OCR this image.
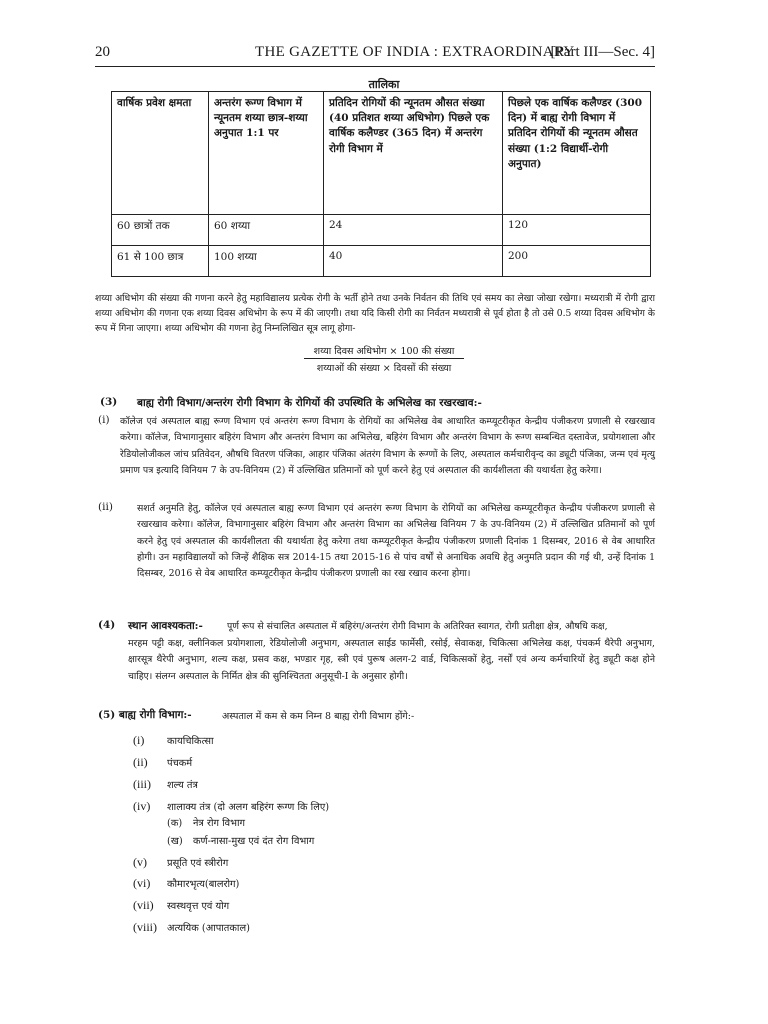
20	THE GAZETTE OF INDIA : EXTRAORDINARY
[Part III—Sec. 4]
तालिका
वार्षिक प्रवेश क्षमता	अन्तरंग रूग्ण विभाग में न्यूनतम शय्या छात्र-शय्या अनुपात 1:1 पर	प्रतिदिन रोगियों की न्यूनतम औसत संख्या (40 प्रतिशत शय्या अधिभोग) पिछले एक वार्षिक कलैण्डर (365 दिन) में अन्तरंग रोगी विभाग में	पिछले एक वार्षिक कलैण्डर (300 दिन) में बाह्य रोगी विभाग में प्रतिदिन रोगियों की न्यूनतम औसत संख्या (1:2 विद्यार्थी-रोगी अनुपात)
60 छात्रों तक	60 शय्या	24	120
61 से 100 छात्र	100 शय्या	40	200
शय्या अधिभोग की संख्या की गणना करने हेतु महाविद्यालय प्रत्येक रोगी के भर्ती होने तथा उनके निर्वतन की तिथि एवं समय का लेखा जोखा रखेगा। मध्यरात्री में रोगी द्वारा शय्या अधिभोग की गणना एक शय्या दिवस अधिभोग के रूप में की जाएगी। तथा यदि किसी रोगी का निर्वतन मध्यरात्री से पूर्व होता है तो उसे 0.5 शय्या दिवस अधिभोग के रूप में गिना जाएगा। शय्या अधिभोग की गणना हेतु निम्नलिखित सूत्र लागू होगा-
शय्या दिवस अधिभोग × 100 की संख्या
शय्याओं की संख्या × दिवसों की संख्या
(3) बाह्य रोगी विभाग/अन्तरंग रोगी विभाग के रोगियों की उपस्थिति के अभिलेख का रखरखाव:-
(i) कॉलेज एवं अस्पताल बाह्य रूग्ण विभाग एवं अन्तरंग रूग्ण विभाग के रोगियों का अभिलेख वेब आधारित कम्प्यूटरीकृत केन्द्रीय पंजीकरण प्रणाली से रखरखाव करेगा। कॉलेज, विभागानुसार बहिरंग विभाग और अन्तरंग विभाग का अभिलेख, बहिरंग विभाग और अन्तरंग विभाग के रूग्ण सम्बन्धित दस्तावेज, प्रयोगशाला और रेडियोलोजीकल जांच प्रतिवेदन, औषधि वितरण पंजिका, आहार पंजिका अंतरंग विभाग के रूग्णों के लिए, अस्पताल कर्मचारीवृन्द का ड्यूटी पंजिका, जन्म एवं मृत्यु प्रमाण पत्र इत्यादि विनियम 7 के उप-विनियम (2) में उल्लिखित प्रतिमानों को पूर्ण करने हेतु एवं अस्पताल की कार्यशीलता की यथार्थता हेतु करेगा।
(ii)	सशर्त अनुमति हेतु, कॉलेज एवं अस्पताल बाह्य रूग्ण विभाग एवं अन्तरंग रूग्ण विभाग के रोगियों का अभिलेख कम्प्यूटरीकृत केन्द्रीय पंजीकरण प्रणाली से रखरखाव करेगा। कॉलेज, विभागानुसार बहिरंग विभाग और अन्तरंग विभाग का अभिलेख विनियम 7 के उप-विनियम (2) में उल्लिखित प्रतिमानों को पूर्ण करने हेतु एवं अस्पताल की कार्यशीलता की यथार्थता हेतु करेगा तथा कम्प्यूटरीकृत केन्द्रीय पंजीकरण प्रणाली दिनांक 1 दिसम्बर, 2016 से वेब आधारित होगी। उन महाविद्यालयों को जिन्हें शैक्षिक सत्र 2014-15 तथा 2015-16 से पांच वर्षों से अनाधिक अवधि हेतु अनुमति प्रदान की गई थी, उन्हें दिनांक 1 दिसम्बर, 2016 से वेब आधारित कम्प्यूटरीकृत केन्द्रीय पंजीकरण प्रणाली का रख रखाव करना होगा।
(4) स्थान आवश्यकता:-	पूर्ण रूप से संचालित अस्पताल में बहिरंग/अन्तरंग रोगी विभाग के अतिरिक्त स्वागत, रोगी प्रतीक्षा क्षेत्र, औषधि कक्ष,
मरहम पट्टी कक्ष, क्लीनिकल प्रयोगशाला, रेडियोलोजी अनुभाग, अस्पताल साईड फार्मेसी, रसोई, सेवाकक्ष, चिकित्सा अभिलेख कक्ष, पंचकर्म थैरेपी अनुभाग, क्षारसूत्र थैरेपी अनुभाग, शल्य कक्ष, प्रसव कक्ष, भण्डार गृह, स्त्री एवं पुरूष अलग-2 वार्ड, चिकित्सकों हेतु, नर्सों एवं अन्य कर्मचारियों हेतु ड्यूटी कक्ष होने चाहिए। संलग्न अस्पताल के निर्मित क्षेत्र की सुनिश्चितता अनुसूची-I के अनुसार होगी।
(5) बाह्य रोगी विभाग:-	अस्पताल में कम से कम निम्न 8 बाह्य रोगी विभाग होंगे:-
(i) कायचिकित्सा
(ii) पंचकर्म
(iii) शल्य तंत्र
(iv) शालाक्य तंत्र (दो अलग बहिरंग रूग्ण कि लिए)
(क) नेत्र रोग विभाग
(ख) कर्ण-नासा-मुख एवं दंत रोग विभाग
(v) प्रसूति एवं स्त्रीरोग
(vi) कौमारभृत्य(बालरोग)
(vii) स्वस्थवृत्त एवं योग
(viii) अत्ययिक (आपातकाल)
